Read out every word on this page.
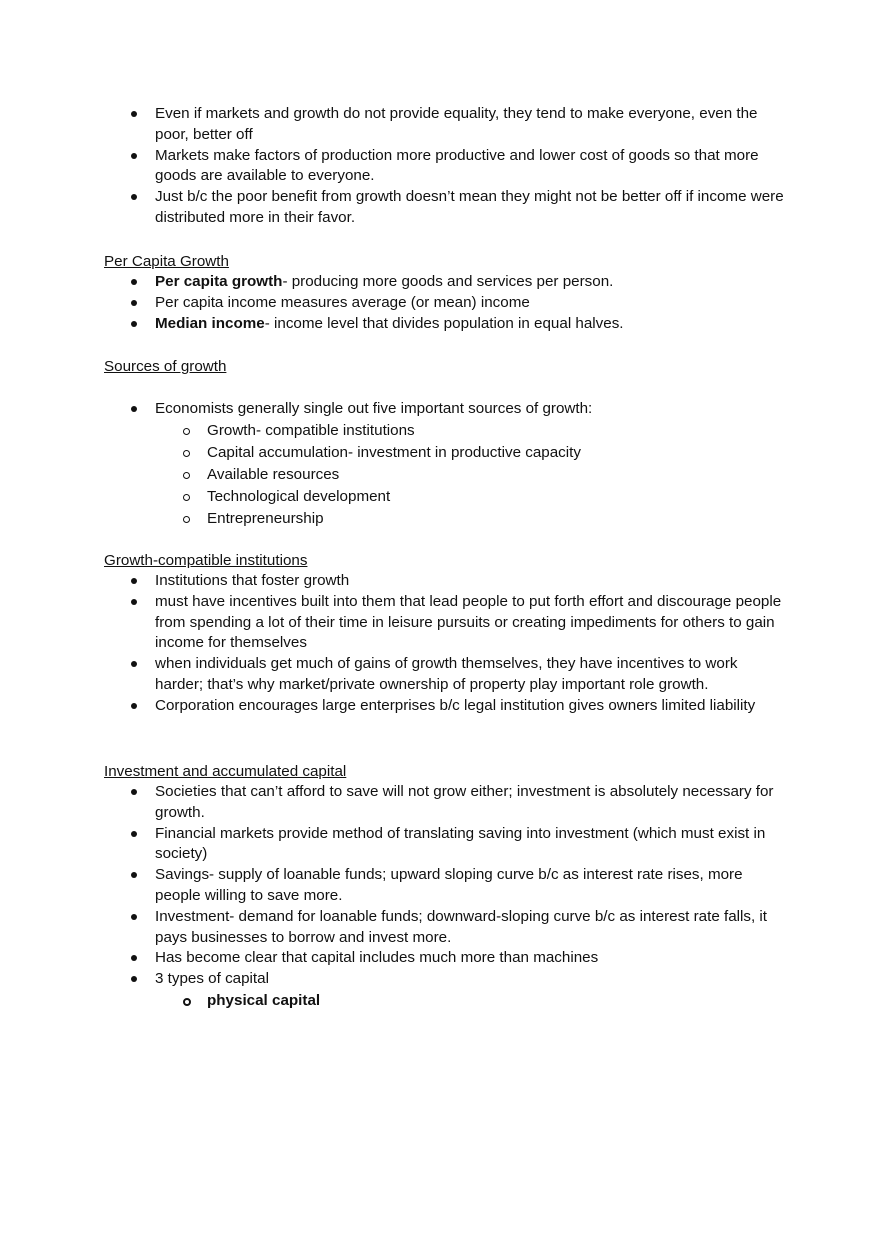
Even if markets and growth do not provide equality, they tend to make everyone, even the poor, better off
Markets make factors of production more productive and lower cost of goods so that more goods are available to everyone.
Just b/c the poor benefit from growth doesn’t mean they might not be better off if income were distributed more in their favor.

Per Capita Growth

Per capita growth- producing more goods and services per person.
Per capita income measures average (or mean) income
Median income- income level that divides population in equal halves.

Sources of growth

Economists generally single out five important sources of growth:
Growth- compatible institutions
Capital accumulation- investment in productive capacity
Available resources
Technological development
Entrepreneurship

Growth-compatible institutions

Institutions that foster growth
must have incentives built into them that lead people to put forth effort and discourage people from spending a lot of their time in leisure pursuits or creating impediments for others to gain income for themselves
when individuals get much of gains of growth themselves, they have incentives to work harder; that’s why market/private ownership of property play important role growth.
Corporation encourages large enterprises b/c legal institution gives owners limited liability

Investment and accumulated capital

Societies that can’t afford to save will not grow either; investment is absolutely necessary for growth.
Financial markets provide method of translating saving into investment (which must exist in society)
Savings- supply of loanable funds; upward sloping curve b/c as interest rate rises, more people willing to save more.
Investment- demand for loanable funds; downward-sloping curve b/c as interest rate falls, it pays businesses to borrow and invest more.
Has become clear that capital includes much more than machines
3 types of capital
physical capital
